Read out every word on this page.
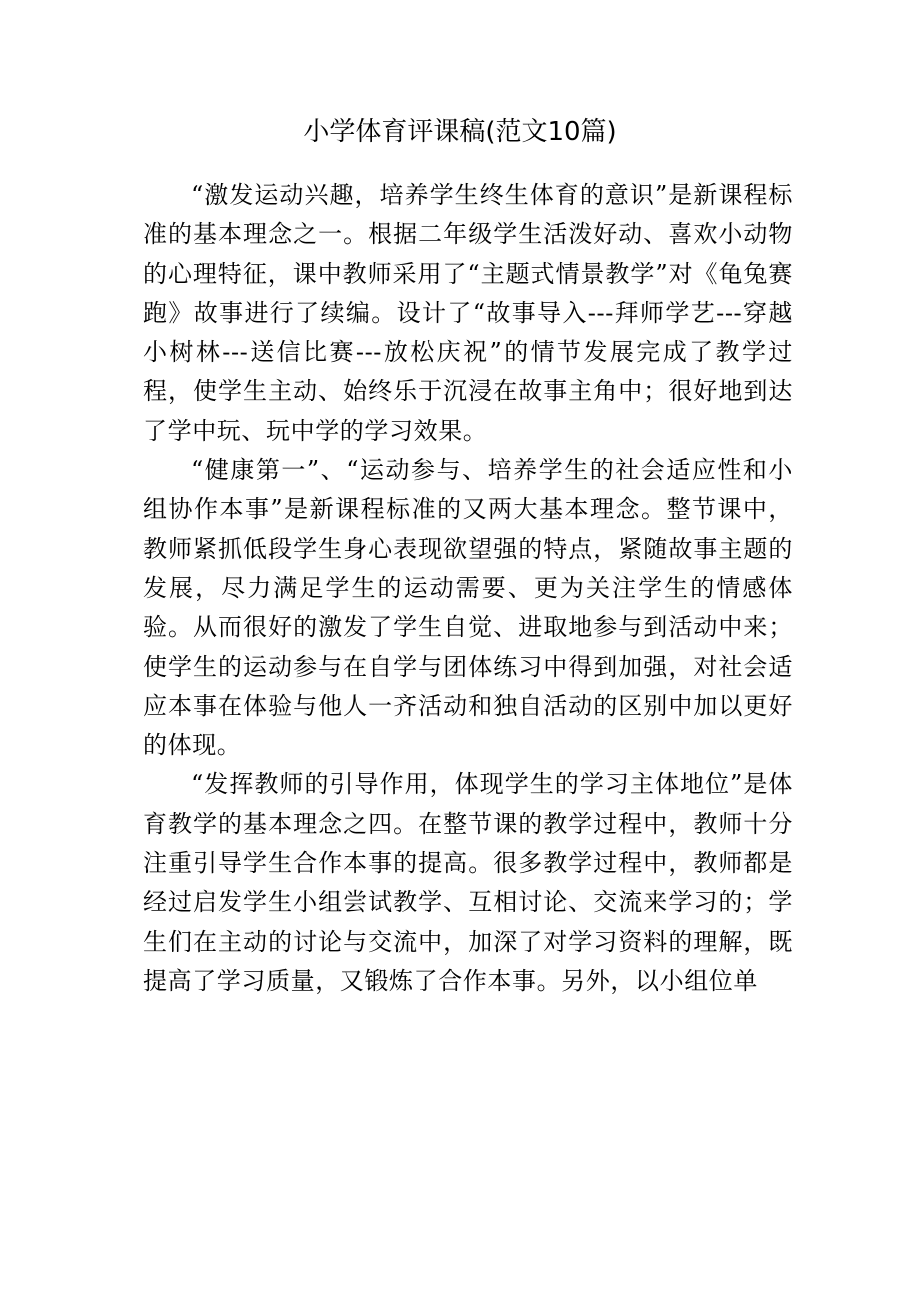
小学体育评课稿(范文10篇)

“激发运动兴趣，培养学生终生体育的意识”是新课程标准的基本理念之一。根据二年级学生活泼好动、喜欢小动物的心理特征，课中教师采用了“主题式情景教学”对《龟兔赛跑》故事进行了续编。设计了“故事导入---拜师学艺---穿越小树林---送信比赛---放松庆祝”的情节发展完成了教学过程，使学生主动、始终乐于沉浸在故事主角中；很好地到达了学中玩、玩中学的学习效果。

“健康第一”、“运动参与、培养学生的社会适应性和小组协作本事”是新课程标准的又两大基本理念。整节课中，教师紧抓低段学生身心表现欲望强的特点，紧随故事主题的发展，尽力满足学生的运动需要、更为关注学生的情感体验。从而很好的激发了学生自觉、进取地参与到活动中来；使学生的运动参与在自学与团体练习中得到加强，对社会适应本事在体验与他人一齐活动和独自活动的区别中加以更好的体现。

“发挥教师的引导作用，体现学生的学习主体地位”是体育教学的基本理念之四。在整节课的教学过程中，教师十分注重引导学生合作本事的提高。很多教学过程中，教师都是经过启发学生小组尝试教学、互相讨论、交流来学习的；学生们在主动的讨论与交流中，加深了对学习资料的理解，既提高了学习质量，又锻炼了合作本事。另外，以小组位单
